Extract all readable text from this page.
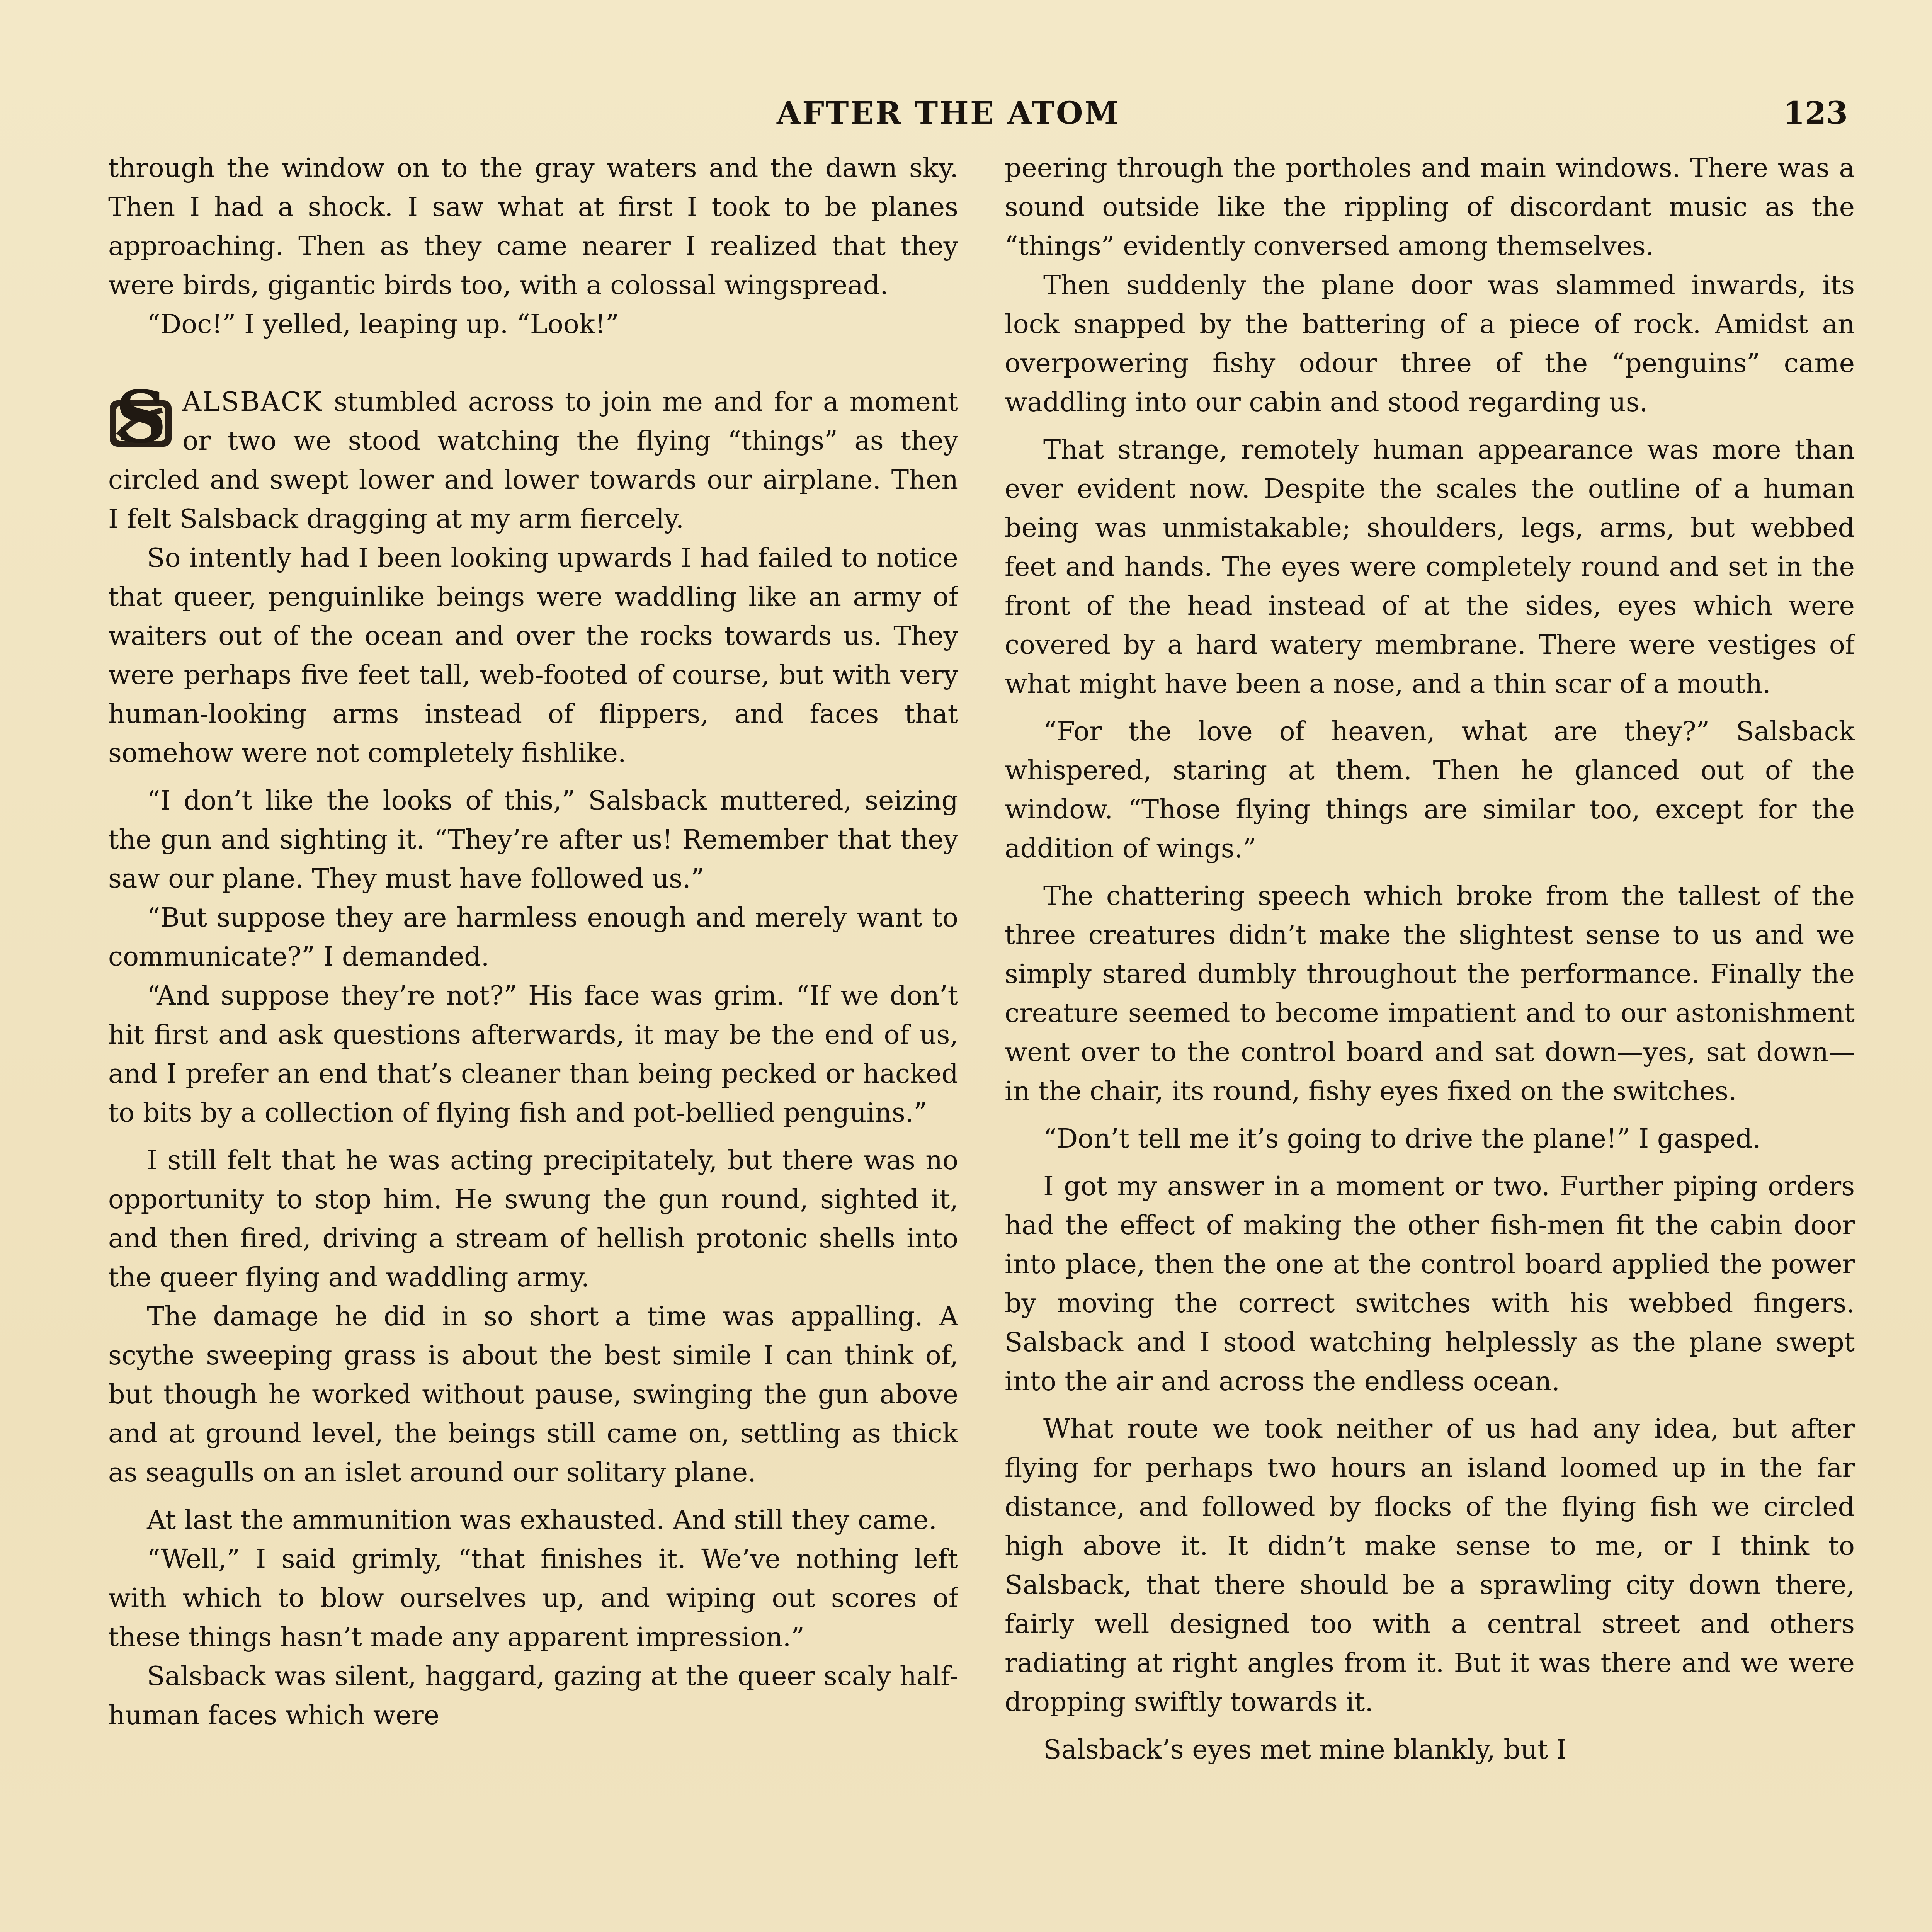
AFTER THE ATOM	123

through the window on to the gray waters and the dawn sky. Then I had a shock. I saw what at first I took to be planes approaching. Then as they came nearer I realized that they were birds, gigantic birds too, with a colossal wingspread.

“Doc!” I yelled, leaping up. “Look!”

S ALSBACK stumbled across to join me and for a moment or two we stood watching the flying “things” as they circled and swept lower and lower towards our airplane. Then I felt Salsback dragging at my arm fiercely.

So intently had I been looking upwards I had failed to notice that queer, penguinlike beings were waddling like an army of waiters out of the ocean and over the rocks towards us. They were perhaps five feet tall, web-footed of course, but with very human-looking arms instead of flippers, and faces that somehow were not completely fishlike.

“I don’t like the looks of this,” Salsback muttered, seizing the gun and sighting it. “They’re after us! Remember that they saw our plane. They must have followed us.”

“But suppose they are harmless enough and merely want to communicate?” I demanded.

“And suppose they’re not?” His face was grim. “If we don’t hit first and ask questions afterwards, it may be the end of us, and I prefer an end that’s cleaner than being pecked or hacked to bits by a collection of flying fish and pot-bellied penguins.”

I still felt that he was acting precipitately, but there was no opportunity to stop him. He swung the gun round, sighted it, and then fired, driving a stream of hellish protonic shells into the queer flying and waddling army.

The damage he did in so short a time was appalling. A scythe sweeping grass is about the best simile I can think of, but though he worked without pause, swinging the gun above and at ground level, the beings still came on, settling as thick as seagulls on an islet around our solitary plane.

At last the ammunition was exhausted. And still they came.

“Well,” I said grimly, “that finishes it. We’ve nothing left with which to blow ourselves up, and wiping out scores of these things hasn’t made any apparent impression.”

Salsback was silent, haggard, gazing at the queer scaly half-human faces which were

peering through the portholes and main windows. There was a sound outside like the rippling of discordant music as the “things” evidently conversed among themselves.

Then suddenly the plane door was slammed inwards, its lock snapped by the battering of a piece of rock. Amidst an overpowering fishy odour three of the “penguins” came waddling into our cabin and stood regarding us.

That strange, remotely human appearance was more than ever evident now. Despite the scales the outline of a human being was unmistakable; shoulders, legs, arms, but webbed feet and hands. The eyes were completely round and set in the front of the head instead of at the sides, eyes which were covered by a hard watery membrane. There were vestiges of what might have been a nose, and a thin scar of a mouth.

“For the love of heaven, what are they?” Salsback whispered, staring at them. Then he glanced out of the window. “Those flying things are similar too, except for the addition of wings.”

The chattering speech which broke from the tallest of the three creatures didn’t make the slightest sense to us and we simply stared dumbly throughout the performance. Finally the creature seemed to become impatient and to our astonishment went over to the control board and sat down—yes, sat down—in the chair, its round, fishy eyes fixed on the switches.

“Don’t tell me it’s going to drive the plane!” I gasped.

I got my answer in a moment or two. Further piping orders had the effect of making the other fish-men fit the cabin door into place, then the one at the control board applied the power by moving the correct switches with his webbed fingers. Salsback and I stood watching helplessly as the plane swept into the air and across the endless ocean.

What route we took neither of us had any idea, but after flying for perhaps two hours an island loomed up in the far distance, and followed by flocks of the flying fish we circled high above it. It didn’t make sense to me, or I think to Salsback, that there should be a sprawling city down there, fairly well designed too with a central street and others radiating at right angles from it. But it was there and we were dropping swiftly towards it.

Salsback’s eyes met mine blankly, but I
